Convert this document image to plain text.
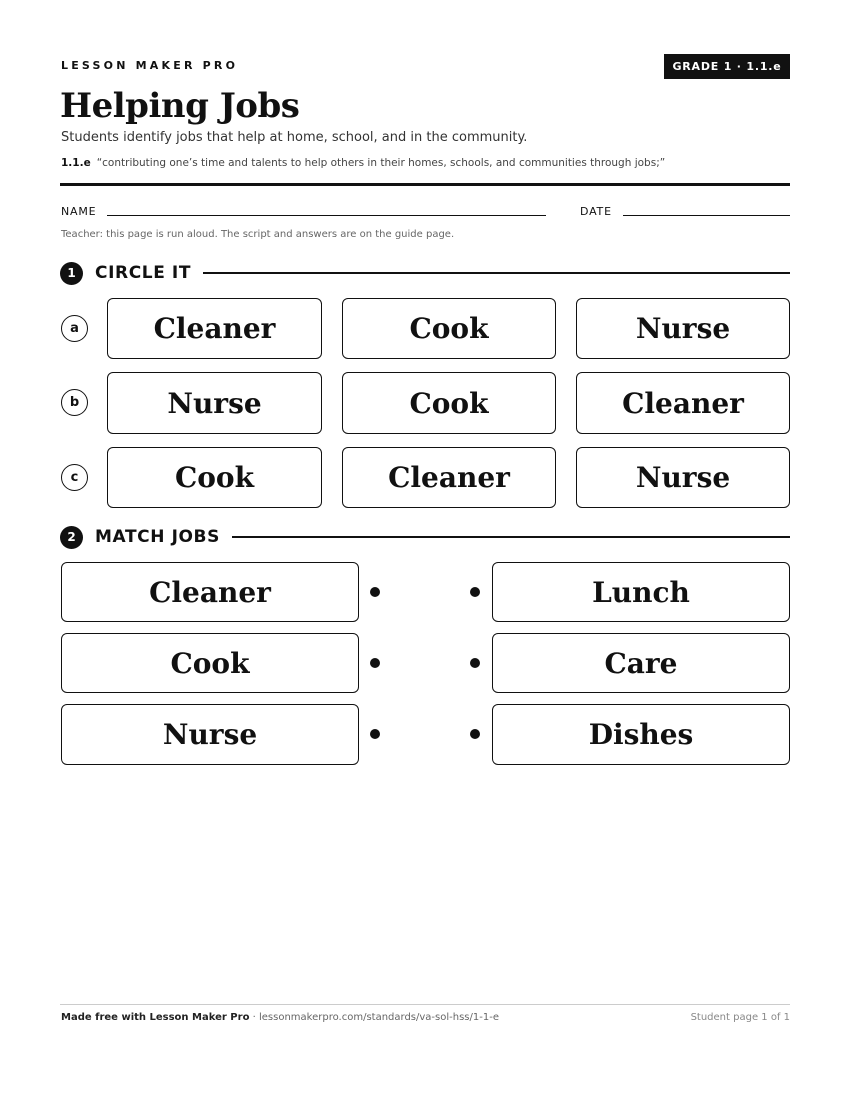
LESSON MAKER PRO	GRADE 1 · 1.1.e
Helping Jobs
Students identify jobs that help at home, school, and in the community.
1.1.e “contributing one’s time and talents to help others in their homes, schools, and communities through jobs;”
NAME	DATE
Teacher: this page is run aloud. The script and answers are on the guide page.
1	CIRCLE IT
a	Cleaner	Cook	Nurse
b	Nurse	Cook	Cleaner
c	Cook	Cleaner	Nurse
2	MATCH JOBS
Cleaner	Lunch
Cook	Care
Nurse	Dishes
Made free with Lesson Maker Pro · lessonmakerpro.com/standards/va-sol-hss/1-1-e	Student page 1 of 1
